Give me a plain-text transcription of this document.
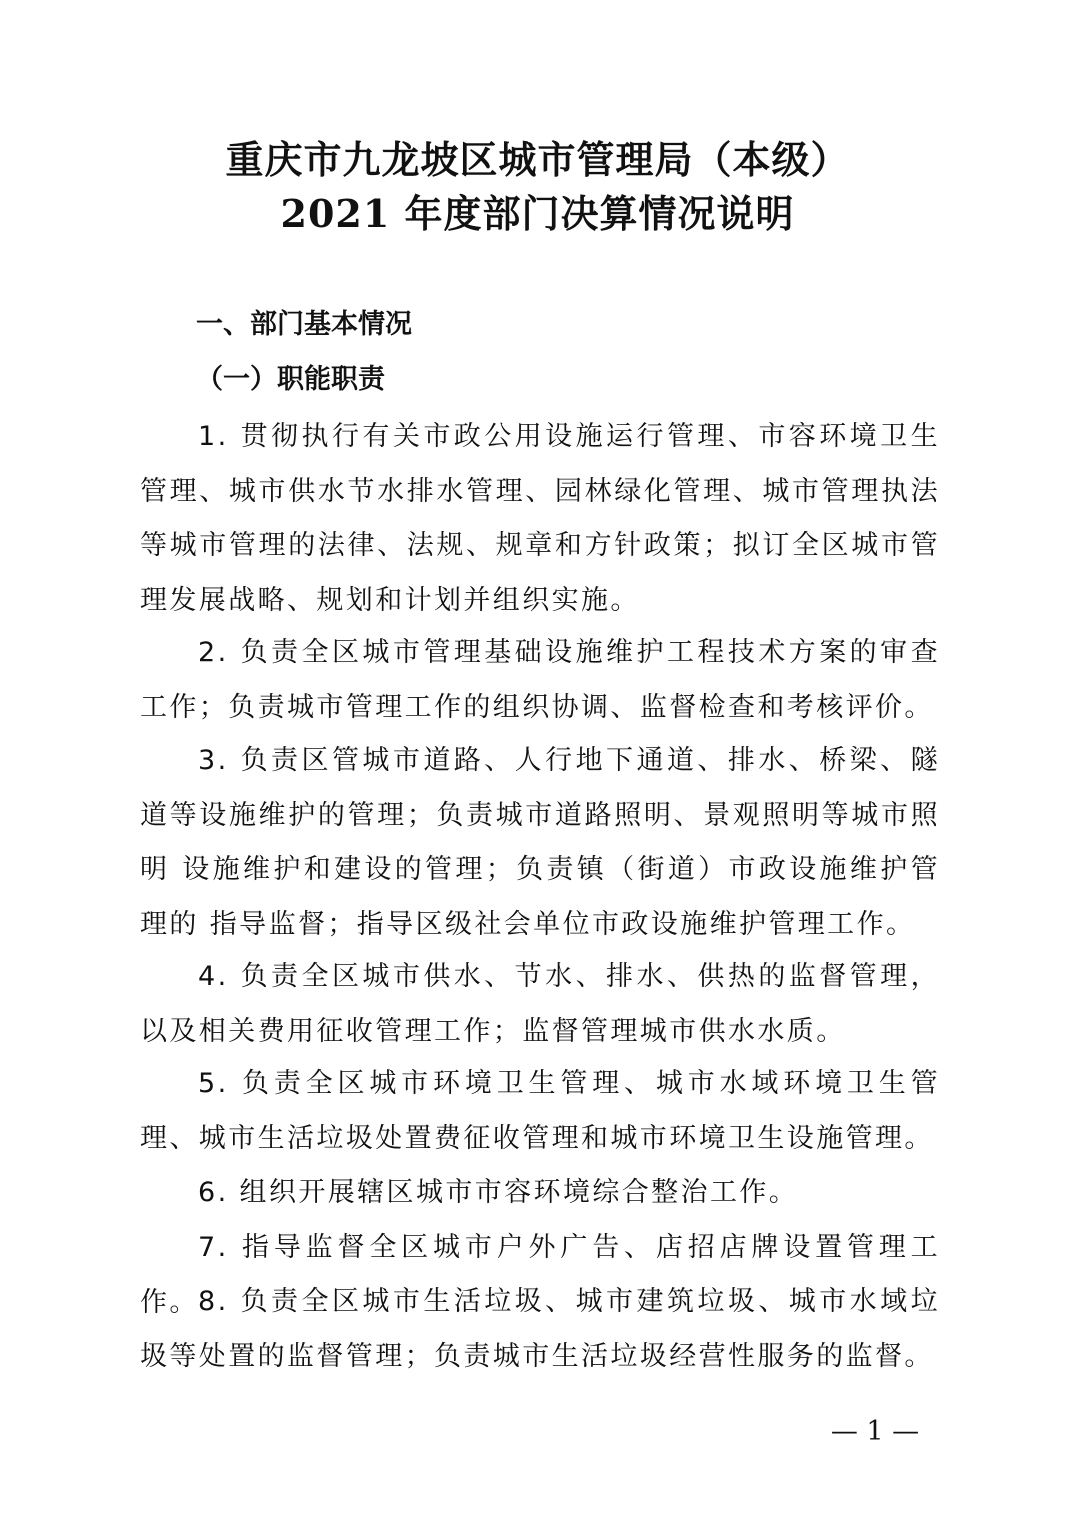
重庆市九龙坡区城市管理局（本级）
2021 年度部门决算情况说明
一、部门基本情况
（一）职能职责

1. 贯彻执行有关市政公用设施运行管理、市容环境卫生管理、城市供水节水排水管理、园林绿化管理、城市管理执法等城市管理的法律、法规、规章和方针政策；拟订全区城市管理发展战略、规划和计划并组织实施。

2. 负责全区城市管理基础设施维护工程技术方案的审查工作；负责城市管理工作的组织协调、监督检查和考核评价。

3. 负责区管城市道路、人行地下通道、排水、桥梁、隧道等设施维护的管理；负责城市道路照明、景观照明等城市照明 设施维护和建设的管理；负责镇（街道）市政设施维护管理的 指导监督；指导区级社会单位市政设施维护管理工作。

4. 负责全区城市供水、节水、排水、供热的监督管理，以及相关费用征收管理工作；监督管理城市供水水质。

5. 负责全区城市环境卫生管理、城市水域环境卫生管理、城市生活垃圾处置费征收管理和城市环境卫生设施管理。

6. 组织开展辖区城市市容环境综合整治工作。

7. 指导监督全区城市户外广告、店招店牌设置管理工作。 8. 负责全区城市生活垃圾、城市建筑垃圾、城市水域垃圾等处置的监督管理；负责城市生活垃圾经营性服务的监督。

— 1 —
